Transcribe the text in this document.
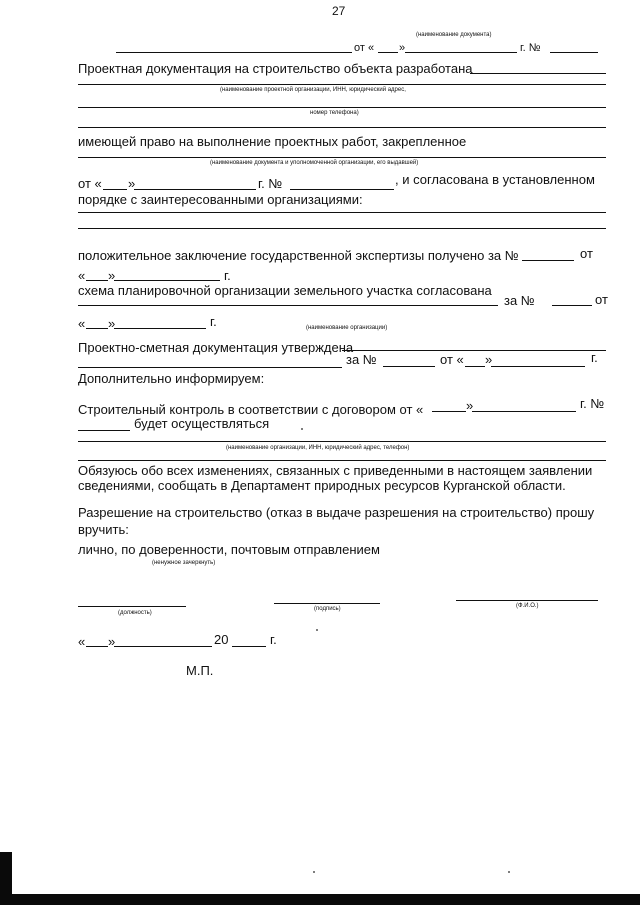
27
(наименование документа)
от « »	г. №
Проектная документация на строительство объекта разработана
(наименование проектной организации, ИНН, юридический адрес,
номер телефона)
имеющей право на выполнение проектных работ, закрепленное
(наименование документа и уполномоченной организации, его выдавшей)
от « »	г. №	, и согласована в установленном
порядке с заинтересованными организациями:
положительное заключение государственной экспертизы получено за №	от
« »	г.
схема планировочной организации земельного участка согласована
за №	от
« »	г.	(наименование организации)
Проектно-сметная документация утверждена
за №	от « »	г.
Дополнительно информируем:
Строительный контроль в соответствии с договором от «	»	г. №
будет осуществляться
(наименование организации, ИНН, юридический адрес, телефон)
Обязуюсь обо всех изменениях, связанных с приведенными в настоящем заявлении
сведениями, сообщать в Департамент природных ресурсов Курганской области.
Разрешение на строительство (отказ в выдаче разрешения на строительство) прошу
вручить:
лично, по доверенности, почтовым отправлением
(ненужное зачеркнуть)
(должность)
(подпись)	(Ф.И.О.)
« »	20	г.
М.П.
